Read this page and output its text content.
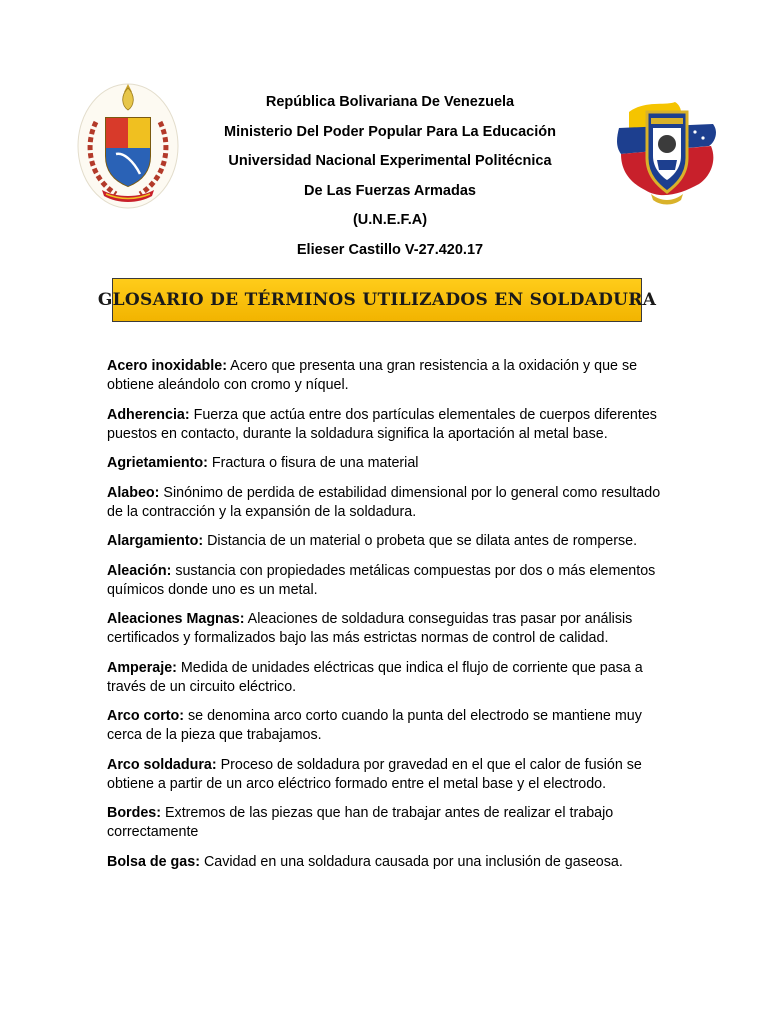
República Bolivariana De Venezuela
Ministerio Del Poder Popular Para La Educación
Universidad Nacional Experimental Politécnica
De Las Fuerzas Armadas
(U.N.E.F.A)
Elieser Castillo V-27.420.17
GLOSARIO DE TÉRMINOS UTILIZADOS EN SOLDADURA

Acero inoxidable: Acero que presenta una gran resistencia a la oxidación y que se obtiene aleándolo con cromo y níquel.

Adherencia: Fuerza que actúa entre dos partículas elementales de cuerpos diferentes puestos en contacto, durante la soldadura significa la aportación al metal base.

Agrietamiento: Fractura o fisura de una material

Alabeo: Sinónimo de perdida de estabilidad dimensional por lo general como resultado de la contracción y la expansión de la soldadura.

Alargamiento: Distancia de un material o probeta que se dilata antes de romperse.

Aleación: sustancia con propiedades metálicas compuestas por dos o más elementos químicos donde uno es un metal.

Aleaciones Magnas: Aleaciones de soldadura conseguidas tras pasar por análisis certificados y formalizados bajo las más estrictas normas de control de calidad.

Amperaje: Medida de unidades eléctricas que indica el flujo de corriente que pasa a través de un circuito eléctrico.

Arco corto: se denomina arco corto cuando la punta del electrodo se mantiene muy cerca de la pieza que trabajamos.

Arco soldadura: Proceso de soldadura por gravedad en el que el calor de fusión se obtiene a partir de un arco eléctrico formado entre el metal base y el electrodo.

Bordes: Extremos de las piezas que han de trabajar antes de realizar el trabajo correctamente

Bolsa de gas: Cavidad en una soldadura causada por una inclusión de gaseosa.
